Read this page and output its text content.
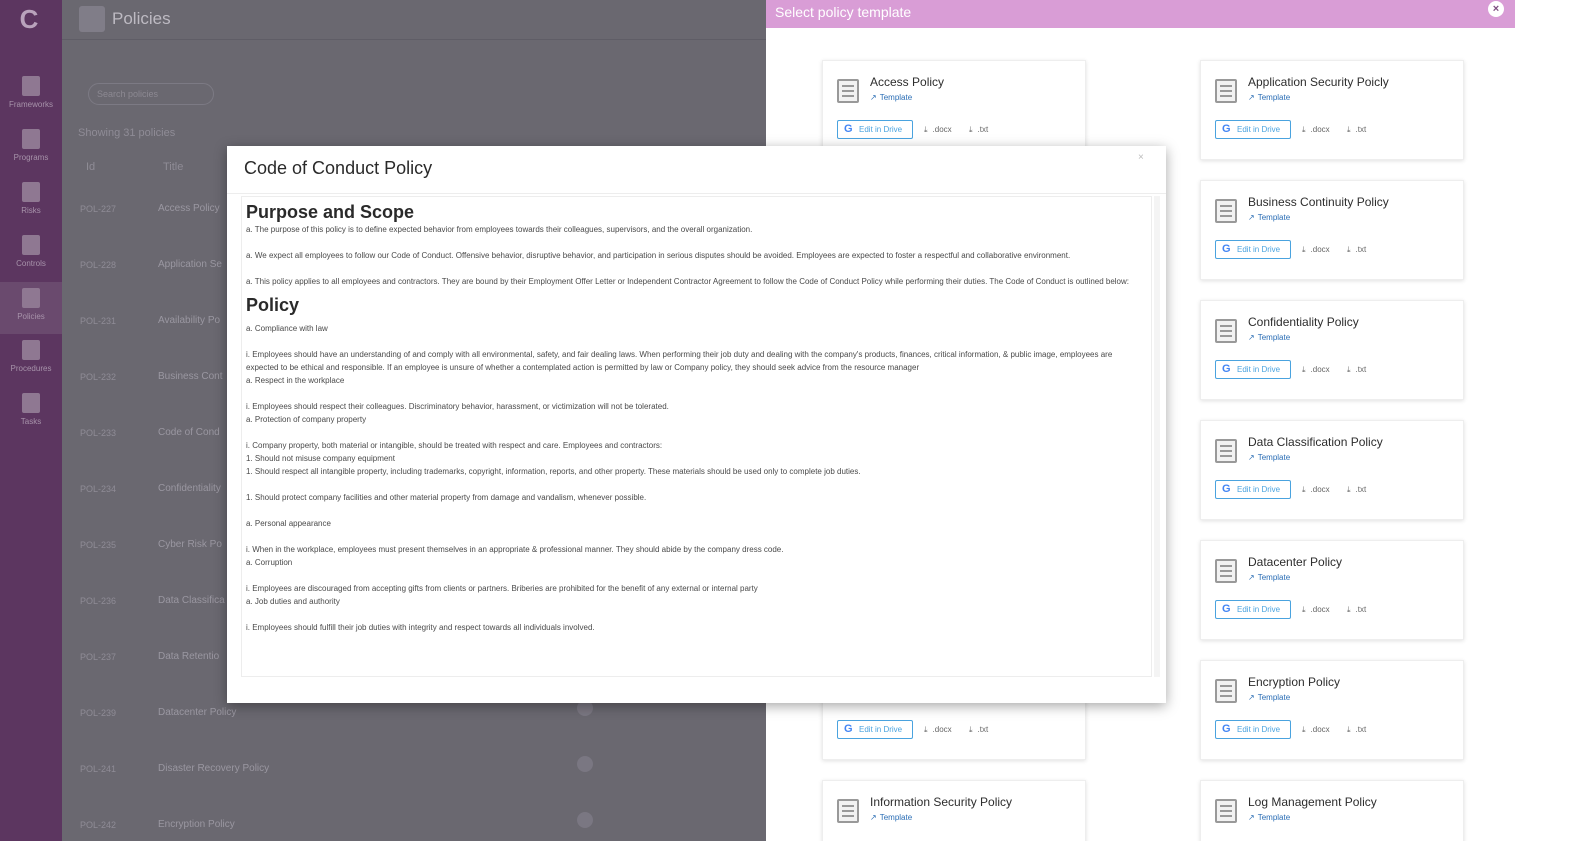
C
Frameworks
Programs
Risks
Controls
Policies
Procedures
Tasks
Policies
Search policies
Showing 31 policies
Id	Title
POL-227	Access Policy
POL-228	Application Se
POL-231	Availability Po
POL-232	Business Cont
POL-233	Code of Cond
POL-234	Confidentiality
POL-235	Cyber Risk Po
POL-236	Data Classifica
POL-237	Data Retentio
POL-239	Datacenter Policy
POL-241	Disaster Recovery Policy
POL-242	Encryption Policy
Select policy template	×
Access Policy
↗ Template
G Edit in Drive	⤓ .docx ⤓ .txt
G Edit in Drive	⤓ .docx ⤓ .txt
Information Security Policy
↗ Template
Application Security Poicly
↗ Template
G Edit in Drive	⤓ .docx ⤓ .txt
Business Continuity Policy
↗ Template
G Edit in Drive	⤓ .docx ⤓ .txt
Confidentiality Policy
↗ Template
G Edit in Drive	⤓ .docx ⤓ .txt
Data Classification Policy
↗ Template
G Edit in Drive	⤓ .docx ⤓ .txt
Datacenter Policy
↗ Template
G Edit in Drive	⤓ .docx ⤓ .txt
Encryption Policy
↗ Template
G Edit in Drive	⤓ .docx ⤓ .txt
Log Management Policy
↗ Template
Code of Conduct Policy
×
Purpose and Scope

a. The purpose of this policy is to define expected behavior from employees towards their colleagues, supervisors, and the overall organization.

a. We expect all employees to follow our Code of Conduct. Offensive behavior, disruptive behavior, and participation in serious disputes should be avoided. Employees are expected to foster a respectful and collaborative environment.

a. This policy applies to all employees and contractors. They are bound by their Employment Offer Letter or Independent Contractor Agreement to follow the Code of Conduct Policy while performing their duties. The Code of Conduct is outlined below:

Policy

a. Compliance with law

i. Employees should have an understanding of and comply with all environmental, safety, and fair dealing laws. When performing their job duty and dealing with the company's products, finances, critical information, & public image, employees are expected to be ethical and responsible. If an employee is unsure of whether a contemplated action is permitted by law or Company policy, they should seek advice from the resource manager

a. Respect in the workplace

i. Employees should respect their colleagues. Discriminatory behavior, harassment, or victimization will not be tolerated.

a. Protection of company property

i. Company property, both material or intangible, should be treated with respect and care. Employees and contractors:

1. Should not misuse company equipment

1. Should respect all intangible property, including trademarks, copyright, information, reports, and other property. These materials should be used only to complete job duties.

1. Should protect company facilities and other material property from damage and vandalism, whenever possible.

a. Personal appearance

i. When in the workplace, employees must present themselves in an appropriate & professional manner. They should abide by the company dress code.

a. Corruption

i. Employees are discouraged from accepting gifts from clients or partners. Briberies are prohibited for the benefit of any external or internal party

a. Job duties and authority

i. Employees should fulfill their job duties with integrity and respect towards all individuals involved.
